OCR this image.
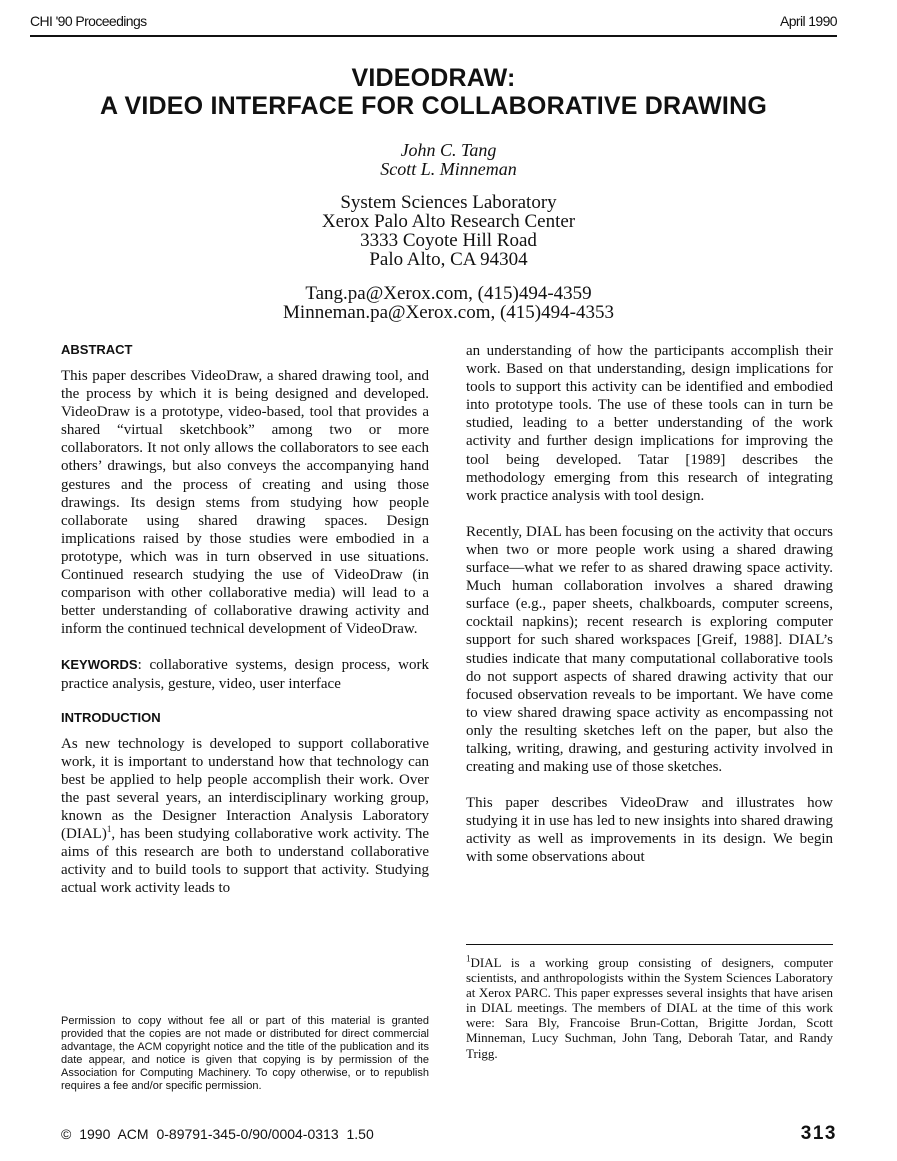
CHI '90 Proceedings	April 1990
VIDEODRAW:
A VIDEO INTERFACE FOR COLLABORATIVE DRAWING
John C. Tang
Scott L. Minneman
System Sciences Laboratory
Xerox Palo Alto Research Center
3333 Coyote Hill Road
Palo Alto, CA 94304
Tang.pa@Xerox.com, (415)494-4359
Minneman.pa@Xerox.com, (415)494-4353
ABSTRACT

This paper describes VideoDraw, a shared drawing tool, and the process by which it is being designed and developed. VideoDraw is a prototype, video-based, tool that provides a shared “virtual sketchbook” among two or more collaborators. It not only allows the collaborators to see each others’ drawings, but also conveys the accompanying hand gestures and the process of creating and using those drawings. Its design stems from studying how people collaborate using shared drawing spaces. Design implications raised by those studies were embodied in a prototype, which was in turn observed in use situations. Continued research studying the use of VideoDraw (in comparison with other collaborative media) will lead to a better understanding of collaborative drawing activity and inform the continued technical development of VideoDraw.

KEYWORDS: collaborative systems, design process, work practice analysis, gesture, video, user interface

INTRODUCTION

As new technology is developed to support collaborative work, it is important to understand how that technology can best be applied to help people accomplish their work. Over the past several years, an interdisciplinary working group, known as the Designer Interaction Analysis Laboratory (DIAL)$^1$, has been studying collaborative work activity. The aims of this research are both to understand collaborative activity and to build tools to support that activity. Studying actual work activity leads to

an understanding of how the participants accomplish their work. Based on that understanding, design implications for tools to support this activity can be identified and embodied into prototype tools. The use of these tools can in turn be studied, leading to a better understanding of the work activity and further design implications for improving the tool being developed. Tatar [1989] describes the methodology emerging from this research of integrating work practice analysis with tool design.

Recently, DIAL has been focusing on the activity that occurs when two or more people work using a shared drawing surface—what we refer to as shared drawing space activity. Much human collaboration involves a shared drawing surface (e.g., paper sheets, chalkboards, computer screens, cocktail napkins); recent research is exploring computer support for such shared workspaces [Greif, 1988]. DIAL’s studies indicate that many computational collaborative tools do not support aspects of shared drawing activity that our focused observation reveals to be important. We have come to view shared drawing space activity as encompassing not only the resulting sketches left on the paper, but also the talking, writing, drawing, and gesturing activity involved in creating and making use of those sketches.

This paper describes VideoDraw and illustrates how studying it in use has led to new insights into shared drawing activity as well as improvements in its design. We begin with some observations about

$^1$DIAL is a working group consisting of designers, computer scientists, and anthropologists within the System Sciences Laboratory at Xerox PARC. This paper expresses several insights that have arisen in DIAL meetings. The members of DIAL at the time of this work were: Sara Bly, Francoise Brun-Cottan, Brigitte Jordan, Scott Minneman, Lucy Suchman, John Tang, Deborah Tatar, and Randy Trigg.
Permission to copy without fee all or part of this material is granted provided that the copies are not made or distributed for direct commercial advantage, the ACM copyright notice and the title of the publication and its date appear, and notice is given that copying is by permission of the Association for Computing Machinery. To copy otherwise, or to republish requires a fee and/or specific permission.
© 1990 ACM 0-89791-345-0/90/0004-0313 1.50	313
